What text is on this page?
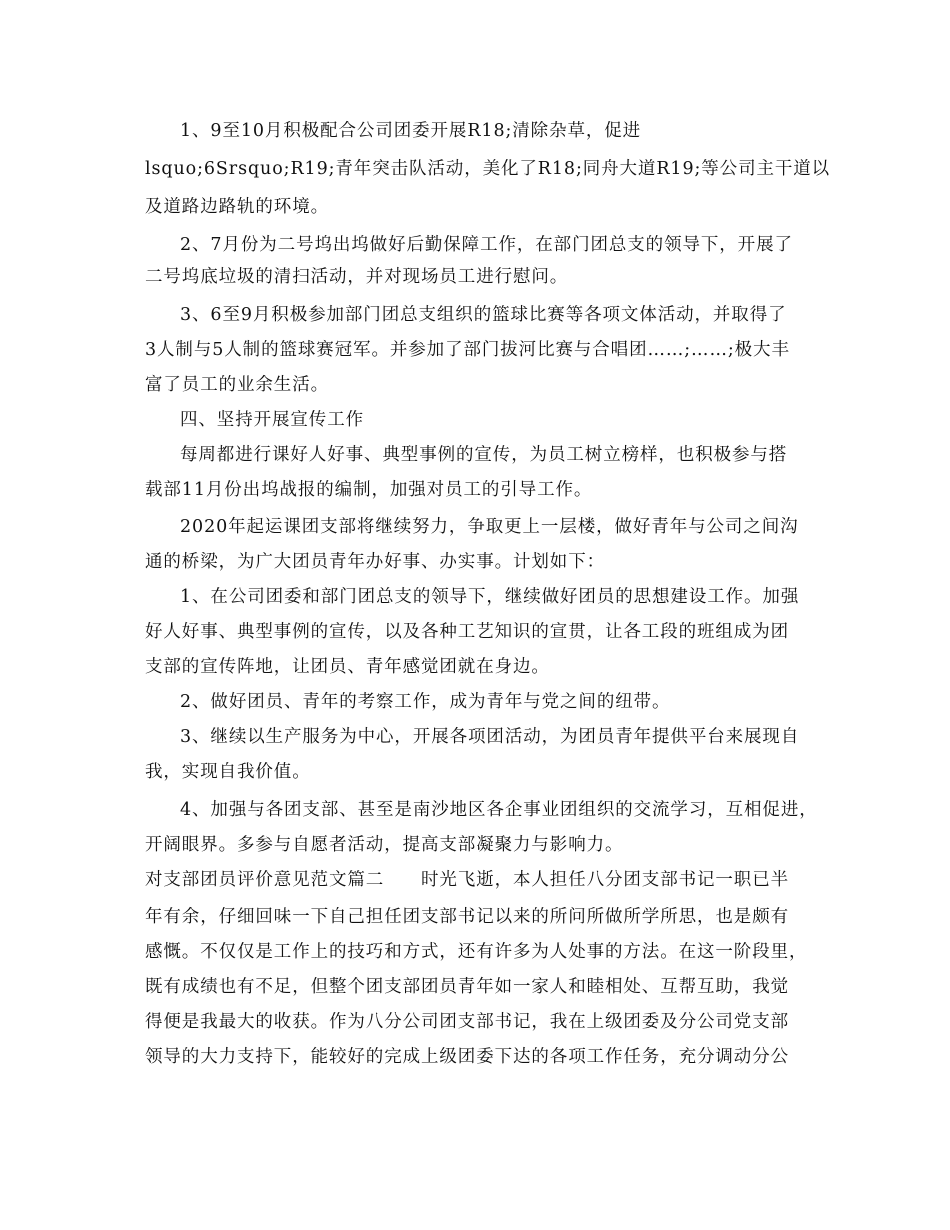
1、9至10月积极配合公司团委开展R18;清除杂草，促进
lsquo;6Srsquo;R19;青年突击队活动，美化了R18;同舟大道R19;等公司主干道以
及道路边路轨的环境。
2、7月份为二号坞出坞做好后勤保障工作，在部门团总支的领导下，开展了
二号坞底垃圾的清扫活动，并对现场员工进行慰问。
3、6至9月积极参加部门团总支组织的篮球比赛等各项文体活动，并取得了
3人制与5人制的篮球赛冠军。并参加了部门拔河比赛与合唱团……;……;极大丰
富了员工的业余生活。
四、坚持开展宣传工作
每周都进行课好人好事、典型事例的宣传，为员工树立榜样，也积极参与搭
载部11月份出坞战报的编制，加强对员工的引导工作。
2020年起运课团支部将继续努力，争取更上一层楼，做好青年与公司之间沟
通的桥梁，为广大团员青年办好事、办实事。计划如下：
1、在公司团委和部门团总支的领导下，继续做好团员的思想建设工作。加强
好人好事、典型事例的宣传，以及各种工艺知识的宣贯，让各工段的班组成为团
支部的宣传阵地，让团员、青年感觉团就在身边。
2、做好团员、青年的考察工作，成为青年与党之间的纽带。
3、继续以生产服务为中心，开展各项团活动，为团员青年提供平台来展现自
我，实现自我价值。
4、加强与各团支部、甚至是南沙地区各企事业团组织的交流学习，互相促进，
开阔眼界。多参与自愿者活动，提高支部凝聚力与影响力。
对支部团员评价意见范文篇二　　时光飞逝，本人担任八分团支部书记一职已半
年有余，仔细回味一下自己担任团支部书记以来的所问所做所学所思，也是颇有
感慨。不仅仅是工作上的技巧和方式，还有许多为人处事的方法。在这一阶段里，
既有成绩也有不足，但整个团支部团员青年如一家人和睦相处、互帮互助，我觉
得便是我最大的收获。作为八分公司团支部书记，我在上级团委及分公司党支部
领导的大力支持下，能较好的完成上级团委下达的各项工作任务，充分调动分公
